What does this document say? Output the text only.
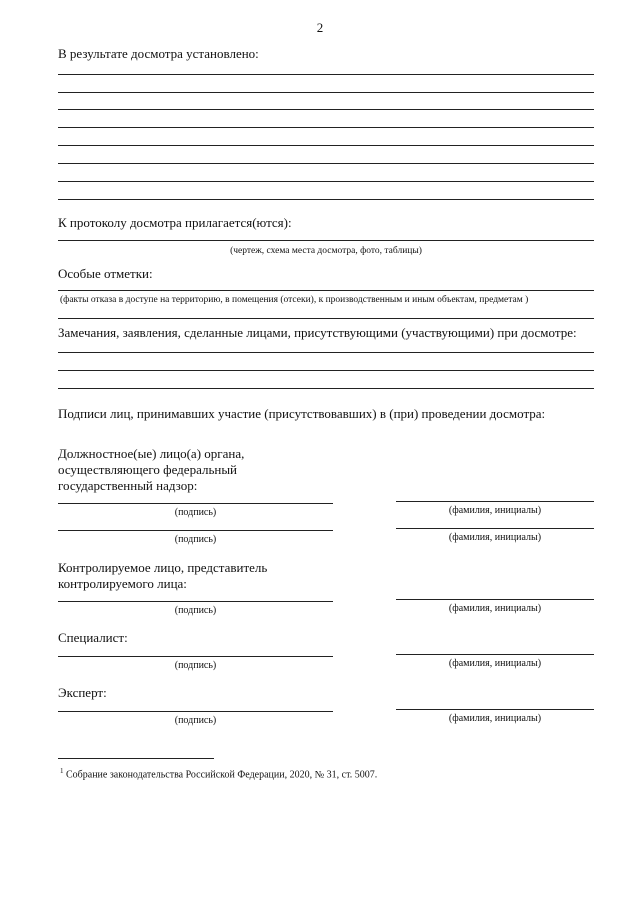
2
В результате досмотра установлено:
К протоколу досмотра прилагается(ются):
(чертеж, схема места досмотра, фото, таблицы)
Особые отметки:
(факты отказа в доступе на территорию, в помещения (отсеки), к производственным и иным объектам, предметам )
Замечания, заявления, сделанные лицами, присутствующими (участвующими) при досмотре:
Подписи лиц, принимавших участие (присутствовавших) в (при) проведении досмотра:
Должностное(ые) лицо(а) органа,
осуществляющего федеральный
государственный надзор:
(подпись)	(фамилия, инициалы)
(подпись)	(фамилия, инициалы)
Контролируемое лицо, представитель
контролируемого лица:
(подпись)	(фамилия, инициалы)
Специалист:
(подпись)	(фамилия, инициалы)
Эксперт:
(подпись)	(фамилия, инициалы)
$^1$ Собрание законодательства Российской Федерации, 2020, № 31, ст. 5007.
